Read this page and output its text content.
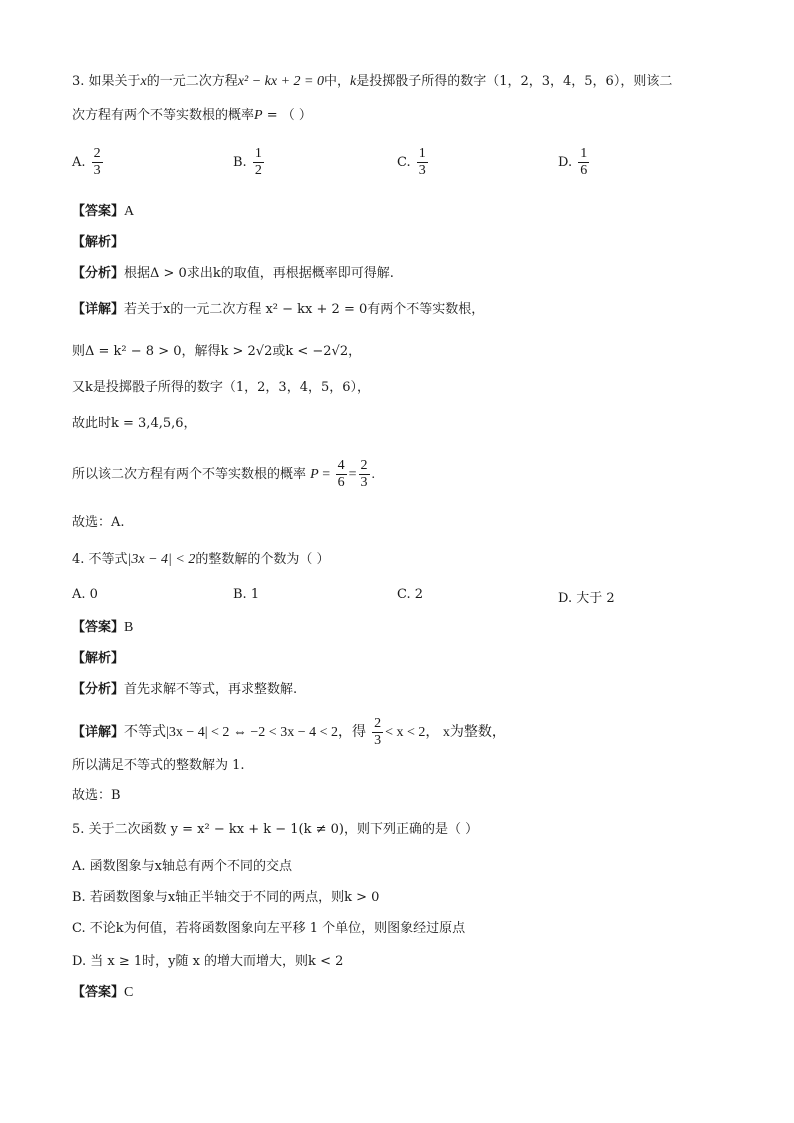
3. 如果关于x的一元二次方程x² − kx + 2 = 0中，k是投掷骰子所得的数字（1，2，3，4，5，6），则该二
次方程有两个不等实数根的概率P = （ ）
A. $\frac{2}{3}$	B. $\frac{1}{2}$	C. $\frac{1}{3}$	D. $\frac{1}{6}$
【答案】A
【解析】
【分析】根据Δ > 0求出k的取值，再根据概率即可得解.
【详解】若关于x的一元二次方程 x² − kx + 2 = 0有两个不等实数根，
则Δ = k² − 8 > 0，解得k > 2√2或k < −2√2，
又k是投掷骰子所得的数字（1，2，3，4，5，6），
故此时k = 3,4,5,6，
所以该二次方程有两个不等实数根的概率 $P = \frac{4}{6} = \frac{2}{3}$ .
故选：A.
4. 不等式|3x − 4| < 2的整数解的个数为（ ）
A. 0	B. 1	C. 2	D. 大于 2
【答案】B
【解析】
【分析】首先求解不等式，再求整数解.
【详解】不等式|3x − 4| < 2 ⇔ −2 < 3x − 4 < 2，得 $\frac{2}{3} < x < 2$， x为整数，
所以满足不等式的整数解为 1.
故选：B
5. 关于二次函数 y = x² − kx + k − 1(k ≠ 0)，则下列正确的是（ ）
A. 函数图象与x轴总有两个不同的交点
B. 若函数图象与x轴正半轴交于不同的两点，则k > 0
C. 不论k为何值，若将函数图象向左平移 1 个单位，则图象经过原点
D. 当 x ≥ 1时，y随 x 的增大而增大，则k < 2
【答案】C
